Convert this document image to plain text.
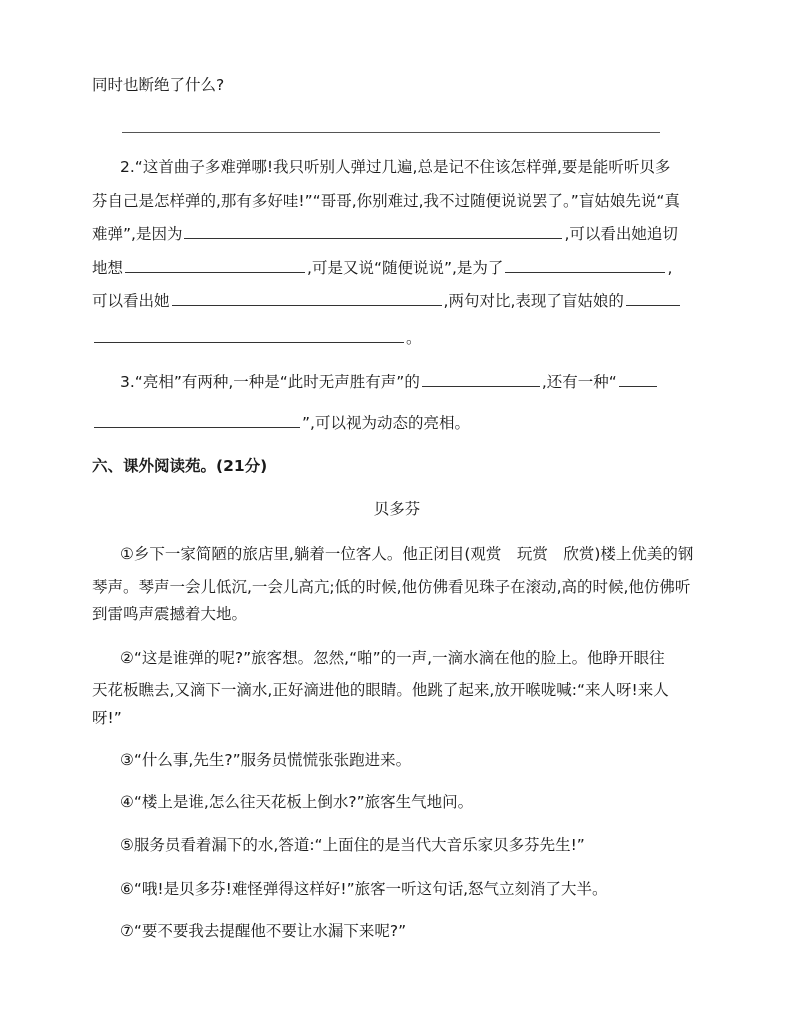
同时也断绝了什么?
2.“这首曲子多难弹哪!我只听别人弹过几遍,总是记不住该怎样弹,要是能听听贝多
芬自己是怎样弹的,那有多好哇!”“哥哥,你别难过,我不过随便说说罢了。”盲姑娘先说“真
难弹”,是因为	,可以看出她追切
地想	,可是又说“随便说说”,是为了	,
可以看出她	,两句对比,表现了盲姑娘的
。
3.“亮相”有两种,一种是“此时无声胜有声”的	,还有一种“
”,可以视为动态的亮相。
六、课外阅读苑。(21分)
贝多芬
①乡下一家简陋的旅店里,躺着一位客人。他正闭目(观赏　玩赏　欣赏)楼上优美的钢
琴声。琴声一会儿低沉,一会儿高亢;低的时候,他仿佛看见珠子在滚动,高的时候,他仿佛听
到雷鸣声震撼着大地。
②“这是谁弹的呢?”旅客想。忽然,“啪”的一声,一滴水滴在他的脸上。他睁开眼往
天花板瞧去,又滴下一滴水,正好滴进他的眼睛。他跳了起来,放开喉咙喊:“来人呀!来人
呀!”
③“什么事,先生?”服务员慌慌张张跑进来。
④“楼上是谁,怎么往天花板上倒水?”旅客生气地问。
⑤服务员看着漏下的水,答道:“上面住的是当代大音乐家贝多芬先生!”
⑥“哦!是贝多芬!难怪弹得这样好!”旅客一听这句话,怒气立刻消了大半。
⑦“要不要我去提醒他不要让水漏下来呢?”
